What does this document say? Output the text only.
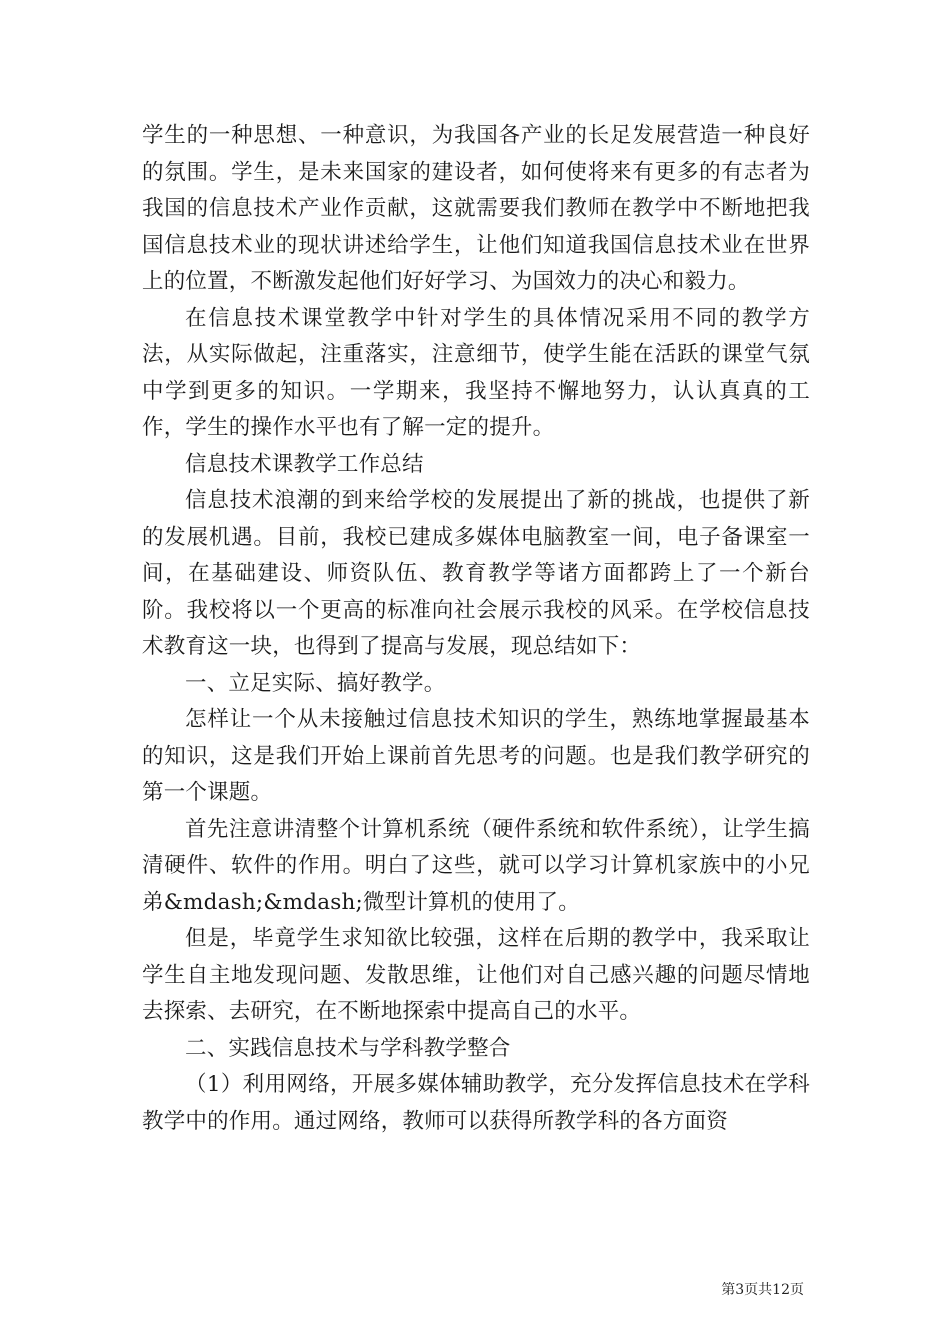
学生的一种思想、一种意识，为我国各产业的长足发展营造一种良好的氛围。学生，是未来国家的建设者，如何使将来有更多的有志者为我国的信息技术产业作贡献，这就需要我们教师在教学中不断地把我国信息技术业的现状讲述给学生，让他们知道我国信息技术业在世界上的位置，不断激发起他们好好学习、为国效力的决心和毅力。

在信息技术课堂教学中针对学生的具体情况采用不同的教学方法，从实际做起，注重落实，注意细节，使学生能在活跃的课堂气氛中学到更多的知识。一学期来，我坚持不懈地努力，认认真真的工作，学生的操作水平也有了解一定的提升。

信息技术课教学工作总结

信息技术浪潮的到来给学校的发展提出了新的挑战，也提供了新的发展机遇。目前，我校已建成多媒体电脑教室一间，电子备课室一间，在基础建设、师资队伍、教育教学等诸方面都跨上了一个新台阶。我校将以一个更高的标准向社会展示我校的风采。在学校信息技术教育这一块，也得到了提高与发展，现总结如下：

一、立足实际、搞好教学。

怎样让一个从未接触过信息技术知识的学生，熟练地掌握最基本的知识，这是我们开始上课前首先思考的问题。也是我们教学研究的第一个课题。

首先注意讲清整个计算机系统（硬件系统和软件系统），让学生搞清硬件、软件的作用。明白了这些，就可以学习计算机家族中的小兄弟&mdash;&mdash;微型计算机的使用了。

但是，毕竟学生求知欲比较强，这样在后期的教学中，我采取让学生自主地发现问题、发散思维，让他们对自己感兴趣的问题尽情地去探索、去研究，在不断地探索中提高自己的水平。

二、实践信息技术与学科教学整合

（1）利用网络，开展多媒体辅助教学，充分发挥信息技术在学科教学中的作用。通过网络，教师可以获得所教学科的各方面资

第3页共12页
